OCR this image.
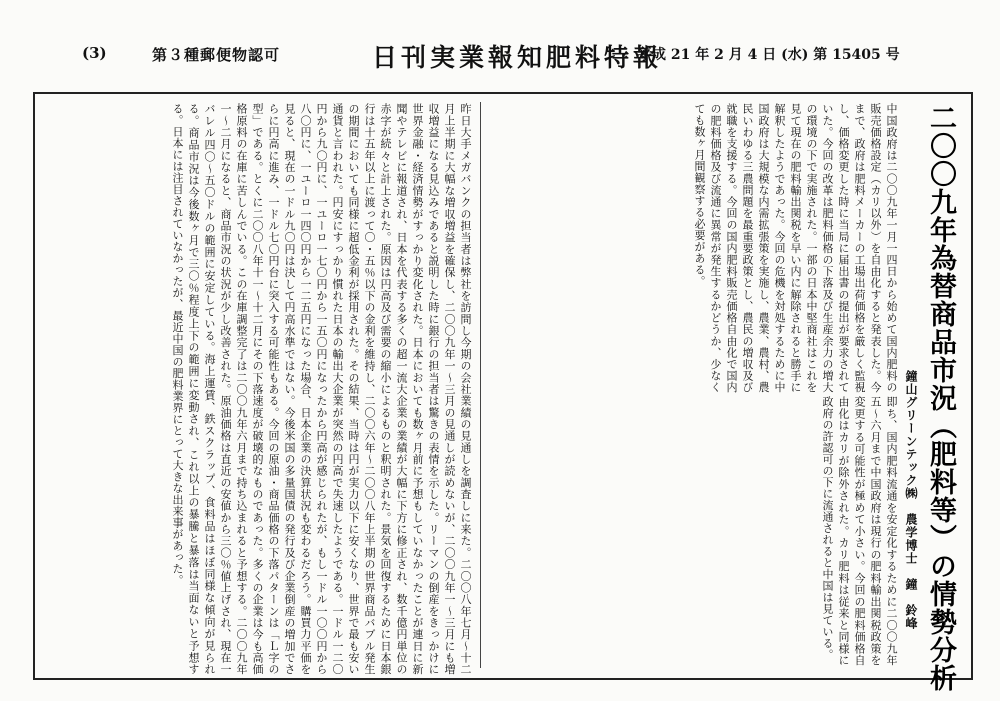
(3)	第３種郵便物認可	日刊実業報知肥料特報
平成 21 年 2 月 4 日 (水) 第 15405 号
二〇〇九年為替商品市況（肥料等）の情勢分析
鐘山グリーンテック㈱　農学博士　鐘　鈴峰
中国政府は二〇〇九年一月一四日から始めて国内肥料の販売価格設定（カリ以外）を自由化すると発表した。今まで、政府は肥料メーカーの工場出荷価格を厳しく監視し、価格変更した時に当局に届出書の提出が要求されていた。今回の改革は肥料価格の下落及び生産余力の増大の環境の下で実施された。一部の日本中堅商社はこれを見て現在の肥料輸出関税を早い内に解除されると勝手に解釈したようであった。今回の危機を対処するために中国政府は大規模な内需拡張策を実施し、農業、農村、農民いわゆる三農問題を最重要政策とし、農民の増収及び就職を支援する。今回の国内肥料販売価格自由化で国内の肥料価格及び流通に異常が発生するかどうか、少なくても数ヶ月間観察する必要がある。
即ち、国内肥料流通を安定化するために二〇〇九年五～六月まで中国政府は現行の肥料輸出関税政策を変更する可能性が極めて小さい。今回の肥料価格自由化はカリが除外された。カリ肥料は従来と同様に政府の許認可の下に流通されると中国は見ている。
昨日大手メガバンクの担当者は弊社を訪問し今期の会社業績の見通しを調査しに来た。二〇〇八年七月～十二月上半期に大幅な増収増益を確保し、二〇〇九年一～三月の見通しが読めないが、二〇〇九年一～三月にも増収増益になる見込みであると説明した時に銀行の担当者は驚きの表情を示した。リーマンの倒産をきっかけに世界金融・経済情勢がすっかり変化された。日本においても数ヶ月前に予想もしていなかったことが連日に新聞やテレビに報道され、日本を代表する多くの超一流大企業の業績が大幅に下方に修正され、数千億円単位の赤字が続々と計上された。原因は円高及び需要の縮小によるものと釈明された。景気を回復するために日本銀行は十五年以上に渡って〇・五％以下の金利を維持し、二〇〇六年～二〇〇八年上半期の世界商品バブル発生の期間においても同様に超低金利が採用された。その結果、当時は円が実力以下に安くなり、世界で最も安い通貨と言われた。円安にすっかり慣れた日本の輸出大企業が突然の円高で失速したようである。一ドル一二〇円から九〇円に、一ユーロ一七〇円から一五〇円になったから円高が感じられたが、もし一ドル一〇〇円から八〇円に、一ユーロ一四〇円から一二五円になった場合、日本企業の決算状況も変わるだろう。購買力平価を見ると、現在の一ドル九〇円は決して円高水準ではない。今後米国の多量国債の発行及び企業倒産の増加でさらに円高に進み、一ドル七〇円台に突入する可能性もある。今回の原油・商品価格の下落パターンは「Ｌ字の型」である。とくに二〇〇八年十一～十二月にその下落速度が破壊的なものであった。多くの企業は今も高価格原料の在庫に苦しんでいる。この在庫調整完了は二〇〇九年六月まで持ち込まれると予想する。二〇〇九年一～二月になると、商品市況の状況が少し改善された。原油価格は直近の安値から三〇％値上げされ、現在一バレル四〇～五〇ドルの範囲に安定している。海上運賃、鉄スクラップ、食料品はほぼ同様な傾向が見られる。商品市況は今後数ヶ月で三〇％程度上下の範囲に変動され、これ以上の暴騰と暴落は当面ないと予想する。日本には注目されていなかったが、最近中国の肥料業界にとって大きな出来事があった。
